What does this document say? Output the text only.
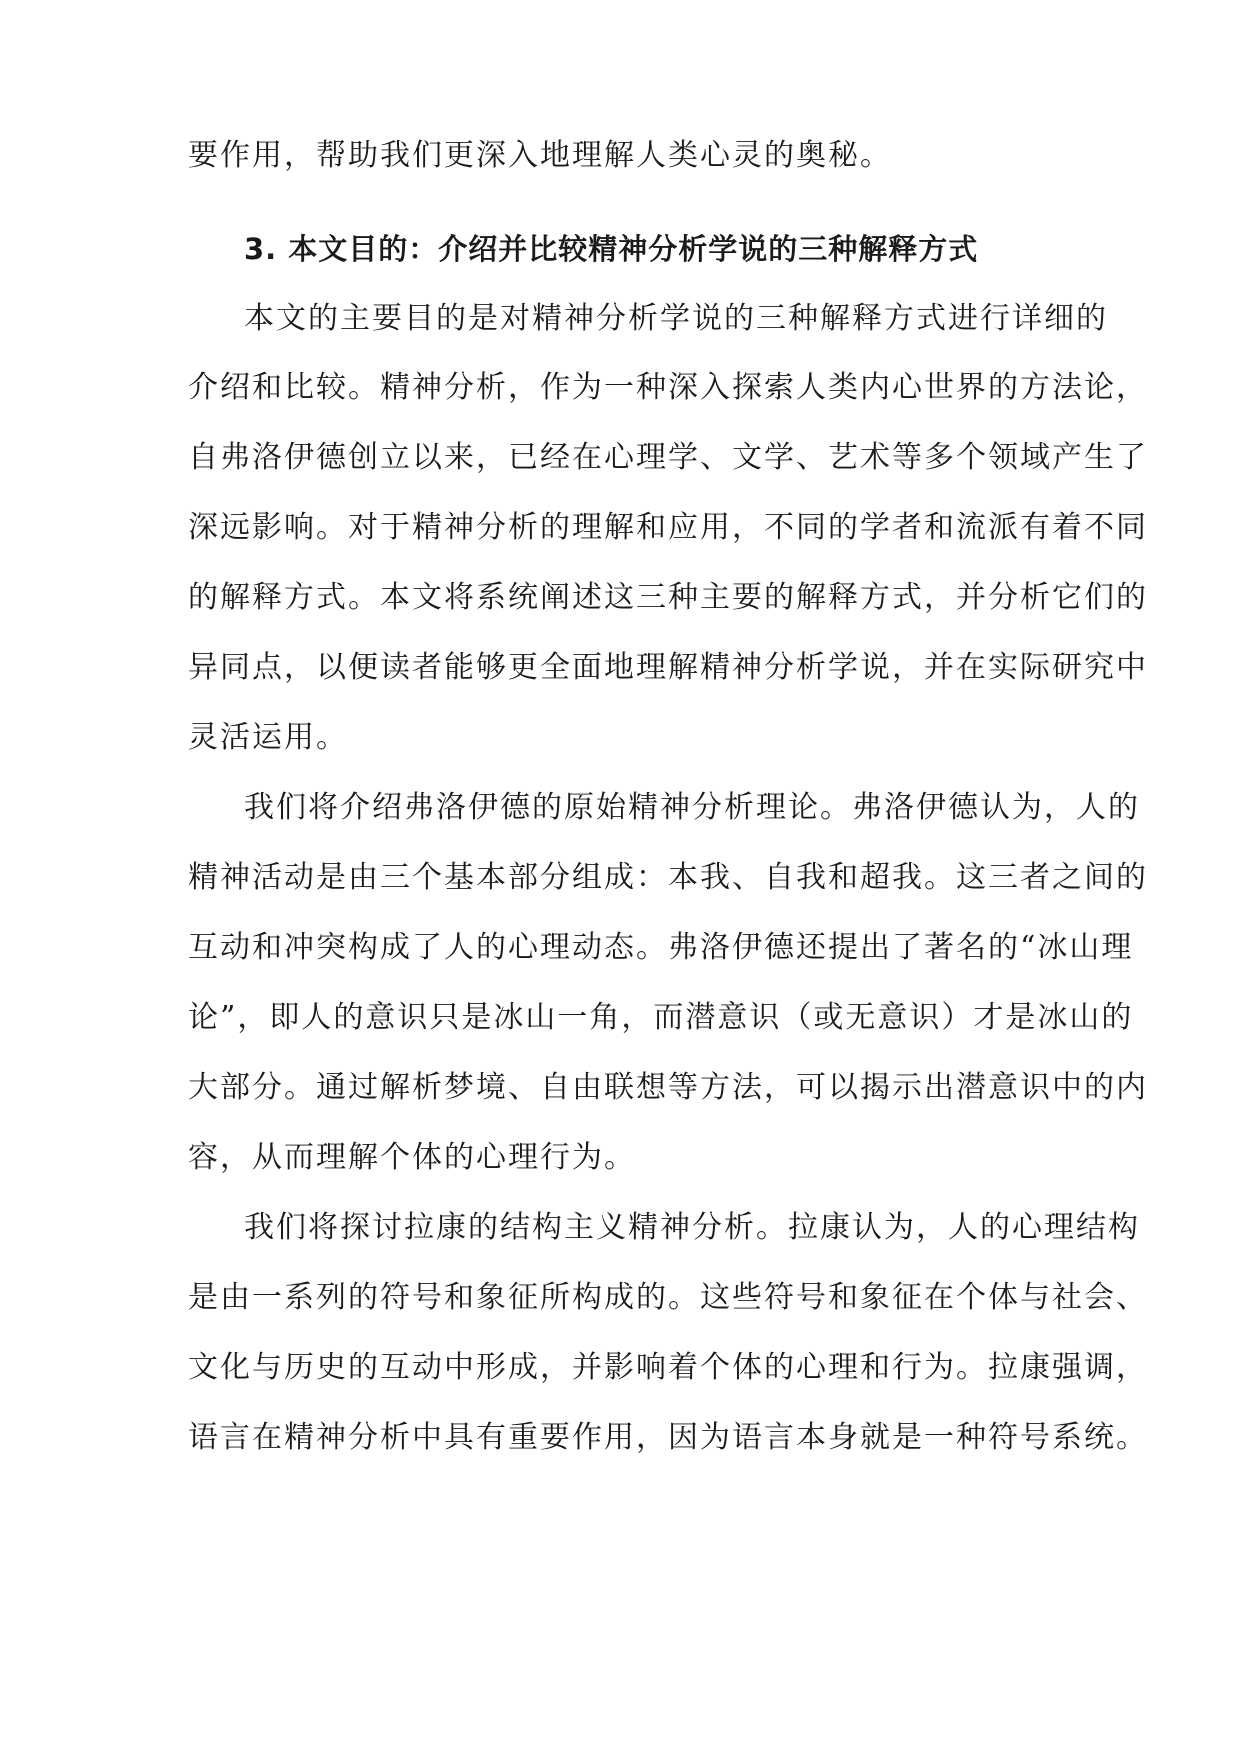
要作用，帮助我们更深入地理解人类心灵的奥秘。
3. 本文目的：介绍并比较精神分析学说的三种解释方式
本文的主要目的是对精神分析学说的三种解释方式进行详细的
介绍和比较。精神分析，作为一种深入探索人类内心世界的方法论，
自弗洛伊德创立以来，已经在心理学、文学、艺术等多个领域产生了
深远影响。对于精神分析的理解和应用，不同的学者和流派有着不同
的解释方式。本文将系统阐述这三种主要的解释方式，并分析它们的
异同点，以便读者能够更全面地理解精神分析学说，并在实际研究中
灵活运用。
我们将介绍弗洛伊德的原始精神分析理论。弗洛伊德认为，人的
精神活动是由三个基本部分组成：本我、自我和超我。这三者之间的
互动和冲突构成了人的心理动态。弗洛伊德还提出了著名的“冰山理
论”，即人的意识只是冰山一角，而潜意识（或无意识）才是冰山的
大部分。通过解析梦境、自由联想等方法，可以揭示出潜意识中的内
容，从而理解个体的心理行为。
我们将探讨拉康的结构主义精神分析。拉康认为，人的心理结构
是由一系列的符号和象征所构成的。这些符号和象征在个体与社会、
文化与历史的互动中形成，并影响着个体的心理和行为。拉康强调，
语言在精神分析中具有重要作用，因为语言本身就是一种符号系统。
